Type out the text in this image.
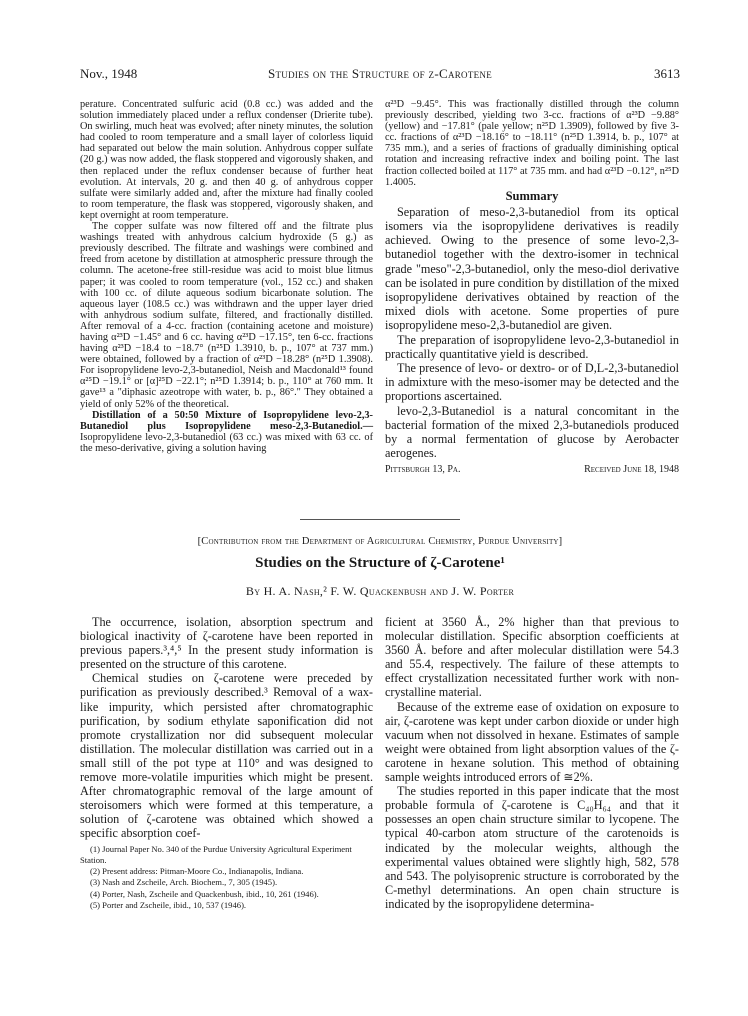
Nov., 1948	Studies on the Structure of ζ-Carotene	3613

perature. Concentrated sulfuric acid (0.8 cc.) was added and the solution immediately placed under a reflux condenser (Drierite tube). On swirling, much heat was evolved; after ninety minutes, the solution had cooled to room temperature and a small layer of colorless liquid had separated out below the main solution. Anhydrous copper sulfate (20 g.) was now added, the flask stoppered and vigorously shaken, and then replaced under the reflux condenser because of further heat evolution. At intervals, 20 g. and then 40 g. of anhydrous copper sulfate were similarly added and, after the mixture had finally cooled to room temperature, the flask was stoppered, vigorously shaken, and kept overnight at room temperature.

The copper sulfate was now filtered off and the filtrate plus washings treated with anhydrous calcium hydroxide (5 g.) as previously described. The filtrate and washings were combined and freed from acetone by distillation at atmospheric pressure through the column. The acetone-free still-residue was acid to moist blue litmus paper; it was cooled to room temperature (vol., 152 cc.) and shaken with 100 cc. of dilute aqueous sodium bicarbonate solution. The aqueous layer (108.5 cc.) was withdrawn and the upper layer dried with anhydrous sodium sulfate, filtered, and fractionally distilled. After removal of a 4-cc. fraction (containing acetone and moisture) having α²³D −1.45° and 6 cc. having α²³D −17.15°, ten 6-cc. fractions having α²³D −18.4 to −18.7° (n²⁵D 1.3910, b. p., 107° at 737 mm.) were obtained, followed by a fraction of α²³D −18.28° (n²⁵D 1.3908). For isopropylidene levo-2,3-butanediol, Neish and Macdonald¹³ found α²⁵D −19.1° or [α]²⁵D −22.1°; n²⁵D 1.3914; b. p., 110° at 760 mm. It gave¹³ a "diphasic azeotrope with water, b. p., 86°." They obtained a yield of only 52% of the theoretical.

Distillation of a 50:50 Mixture of Isopropylidene levo-2,3-Butanediol plus Isopropylidene meso-2,3-Butanediol.— Isopropylidene levo-2,3-butanediol (63 cc.) was mixed with 63 cc. of the meso-derivative, giving a solution having

α²³D −9.45°. This was fractionally distilled through the column previously described, yielding two 3-cc. fractions of α²³D −9.88° (yellow) and −17.81° (pale yellow; n²⁵D 1.3909), followed by five 3-cc. fractions of α²³D −18.16° to −18.11° (n²⁵D 1.3914, b. p., 107° at 735 mm.), and a series of fractions of gradually diminishing optical rotation and increasing refractive index and boiling point. The last fraction collected boiled at 117° at 735 mm. and had α²³D −0.12°, n²⁵D 1.4005.

Summary

Separation of meso-2,3-butanediol from its optical isomers via the isopropylidene derivatives is readily achieved. Owing to the presence of some levo-2,3-butanediol together with the dextro-isomer in technical grade "meso"-2,3-butanediol, only the meso-diol derivative can be isolated in pure condition by distillation of the mixed isopropylidene derivatives obtained by reaction of the mixed diols with acetone. Some properties of pure isopropylidene meso-2,3-butanediol are given.

The preparation of isopropylidene levo-2,3-butanediol in practically quantitative yield is described.

The presence of levo- or dextro- or of D,L-2,3-butanediol in admixture with the meso-isomer may be detected and the proportions ascertained.

levo-2,3-Butanediol is a natural concomitant in the bacterial formation of the mixed 2,3-butanediols produced by a normal fermentation of glucose by Aerobacter aerogenes.

Pittsburgh 13, Pa.	Received June 18, 1948
[Contribution from the Department of Agricultural Chemistry, Purdue University]
Studies on the Structure of ζ-Carotene¹
By H. A. Nash,² F. W. Quackenbush and J. W. Porter

The occurrence, isolation, absorption spectrum and biological inactivity of ζ-carotene have been reported in previous papers.³,⁴,⁵ In the present study information is presented on the structure of this carotene.

Chemical studies on ζ-carotene were preceded by purification as previously described.³ Removal of a wax-like impurity, which persisted after chromatographic purification, by sodium ethylate saponification did not promote crystallization nor did subsequent molecular distillation. The molecular distillation was carried out in a small still of the pot type at 110° and was designed to remove more-volatile impurities which might be present. After chromatographic removal of the large amount of steroisomers which were formed at this temperature, a solution of ζ-carotene was obtained which showed a specific absorption coef-

(1) Journal Paper No. 340 of the Purdue University Agricultural Experiment Station.
(2) Present address: Pitman-Moore Co., Indianapolis, Indiana.
(3) Nash and Zscheile, Arch. Biochem., 7, 305 (1945).
(4) Porter, Nash, Zscheile and Quackenbush, ibid., 10, 261 (1946).
(5) Porter and Zscheile, ibid., 10, 537 (1946).

ficient at 3560 Å., 2% higher than that previous to molecular distillation. Specific absorption coefficients at 3560 Å. before and after molecular distillation were 54.3 and 55.4, respectively. The failure of these attempts to effect crystallization necessitated further work with non-crystalline material.

Because of the extreme ease of oxidation on exposure to air, ζ-carotene was kept under carbon dioxide or under high vacuum when not dissolved in hexane. Estimates of sample weight were obtained from light absorption values of the ζ-carotene in hexane solution. This method of obtaining sample weights introduced errors of ≅2%.

The studies reported in this paper indicate that the most probable formula of ζ-carotene is C₄₀H₆₄ and that it possesses an open chain structure similar to lycopene. The typical 40-carbon atom structure of the carotenoids is indicated by the molecular weights, although the experimental values obtained were slightly high, 582, 578 and 543. The polyisoprenic structure is corroborated by the C-methyl determinations. An open chain structure is indicated by the isopropylidene determina-
